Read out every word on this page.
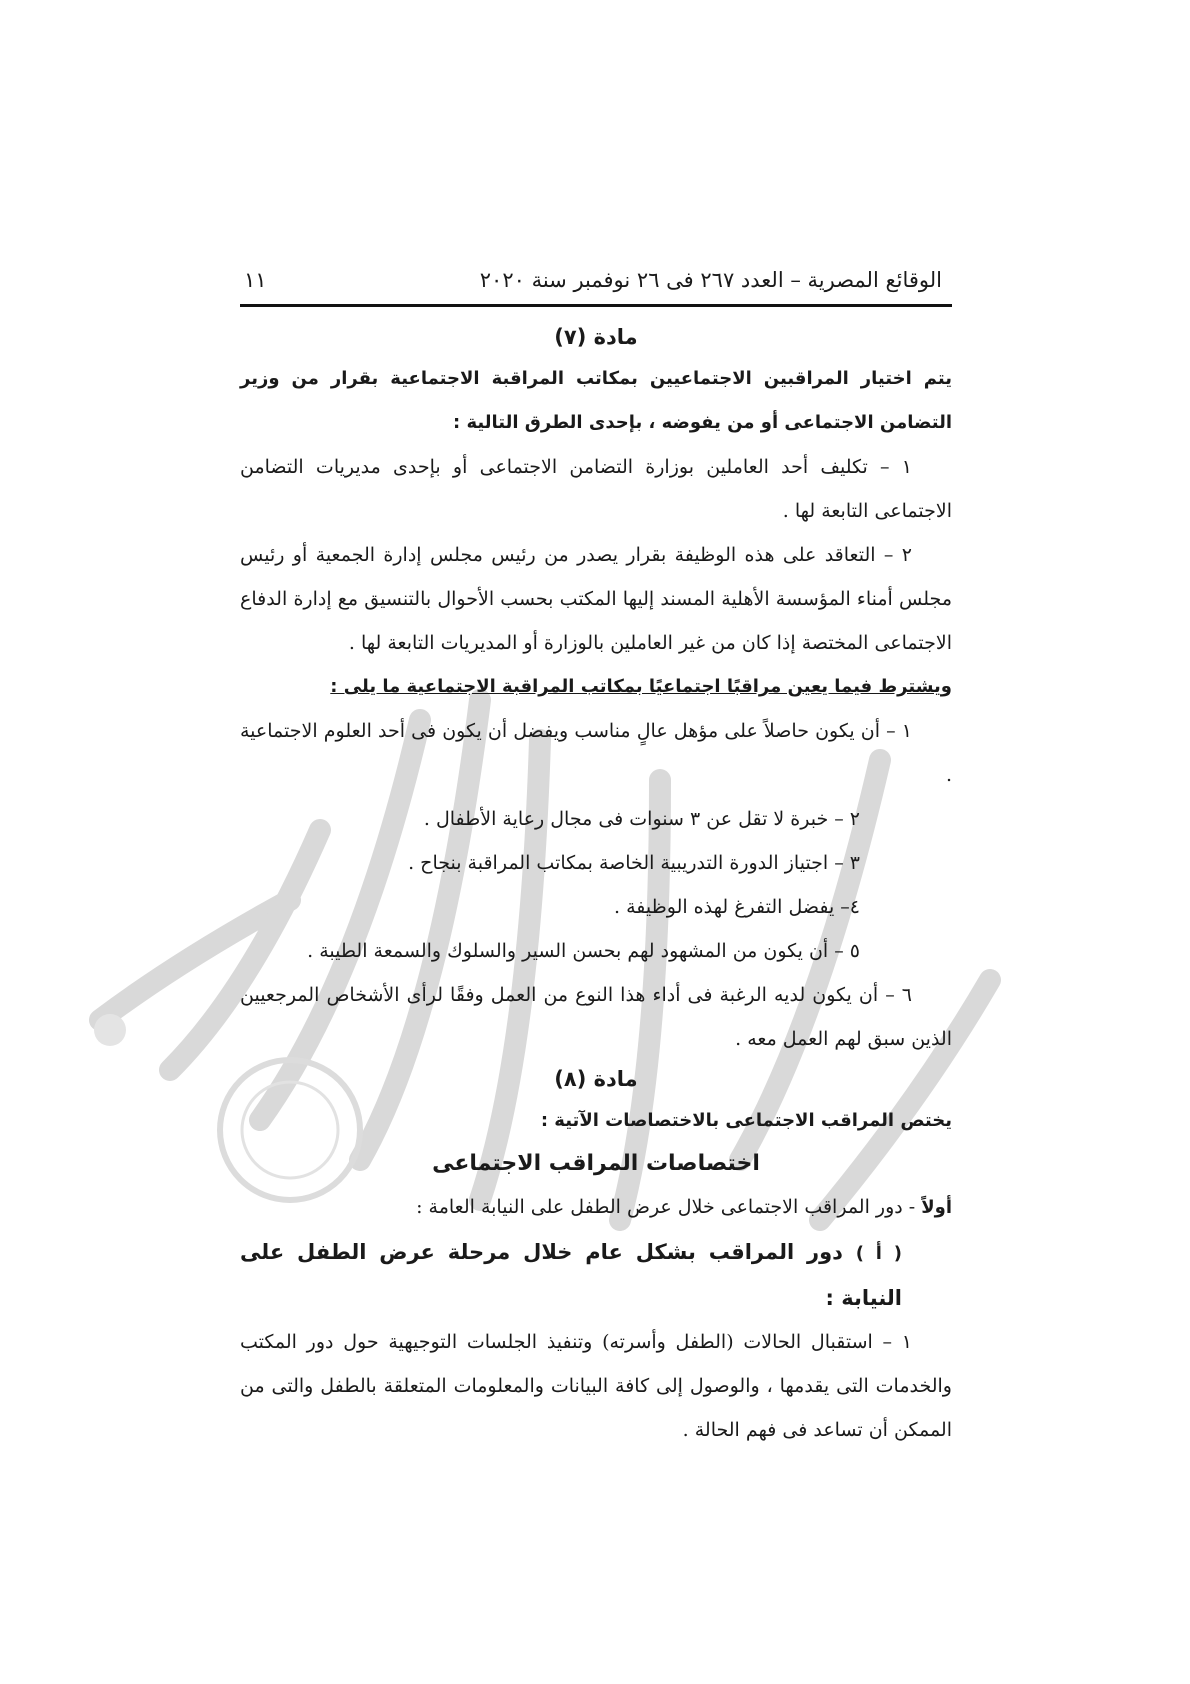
الوقائع المصرية – العدد ٢٦٧ فى ٢٦ نوفمبر سنة ٢٠٢٠
١١
مادة (٧)

يتم اختيار المراقبين الاجتماعيين بمكاتب المراقبة الاجتماعية بقرار من وزير التضامن الاجتماعى أو من يفوضه ، بإحدى الطرق التالية :

١ – تكليف أحد العاملين بوزارة التضامن الاجتماعى أو بإحدى مديريات التضامن الاجتماعى التابعة لها .

٢ – التعاقد على هذه الوظيفة بقرار يصدر من رئيس مجلس إدارة الجمعية أو رئيس مجلس أمناء المؤسسة الأهلية المسند إليها المكتب بحسب الأحوال بالتنسيق مع إدارة الدفاع الاجتماعى المختصة إذا كان من غير العاملين بالوزارة أو المديريات التابعة لها .

ويشترط فيما يعين مراقبًا اجتماعيًا بمكاتب المراقبة الاجتماعية ما يلى :

١ – أن يكون حاصلاً على مؤهل عالٍ مناسب ويفضل أن يكون فى أحد العلوم الاجتماعية .

٢ – خبرة لا تقل عن ٣ سنوات فى مجال رعاية الأطفال .

٣ – اجتياز الدورة التدريبية الخاصة بمكاتب المراقبة بنجاح .

٤– يفضل التفرغ لهذه الوظيفة .

٥ – أن يكون من المشهود لهم بحسن السير والسلوك والسمعة الطيبة .

٦ – أن يكون لديه الرغبة فى أداء هذا النوع من العمل وفقًا لرأى الأشخاص المرجعيين الذين سبق لهم العمل معه .

مادة (٨)

يختص المراقب الاجتماعى بالاختصاصات الآتية :

اختصاصات المراقب الاجتماعى

أولاً - دور المراقب الاجتماعى خلال عرض الطفل على النيابة العامة :

( أ ) دور المراقب بشكل عام خلال مرحلة عرض الطفل على النيابة :

١ – استقبال الحالات (الطفل وأسرته) وتنفيذ الجلسات التوجيهية حول دور المكتب والخدمات التى يقدمها ، والوصول إلى كافة البيانات والمعلومات المتعلقة بالطفل والتى من الممكن أن تساعد فى فهم الحالة .
